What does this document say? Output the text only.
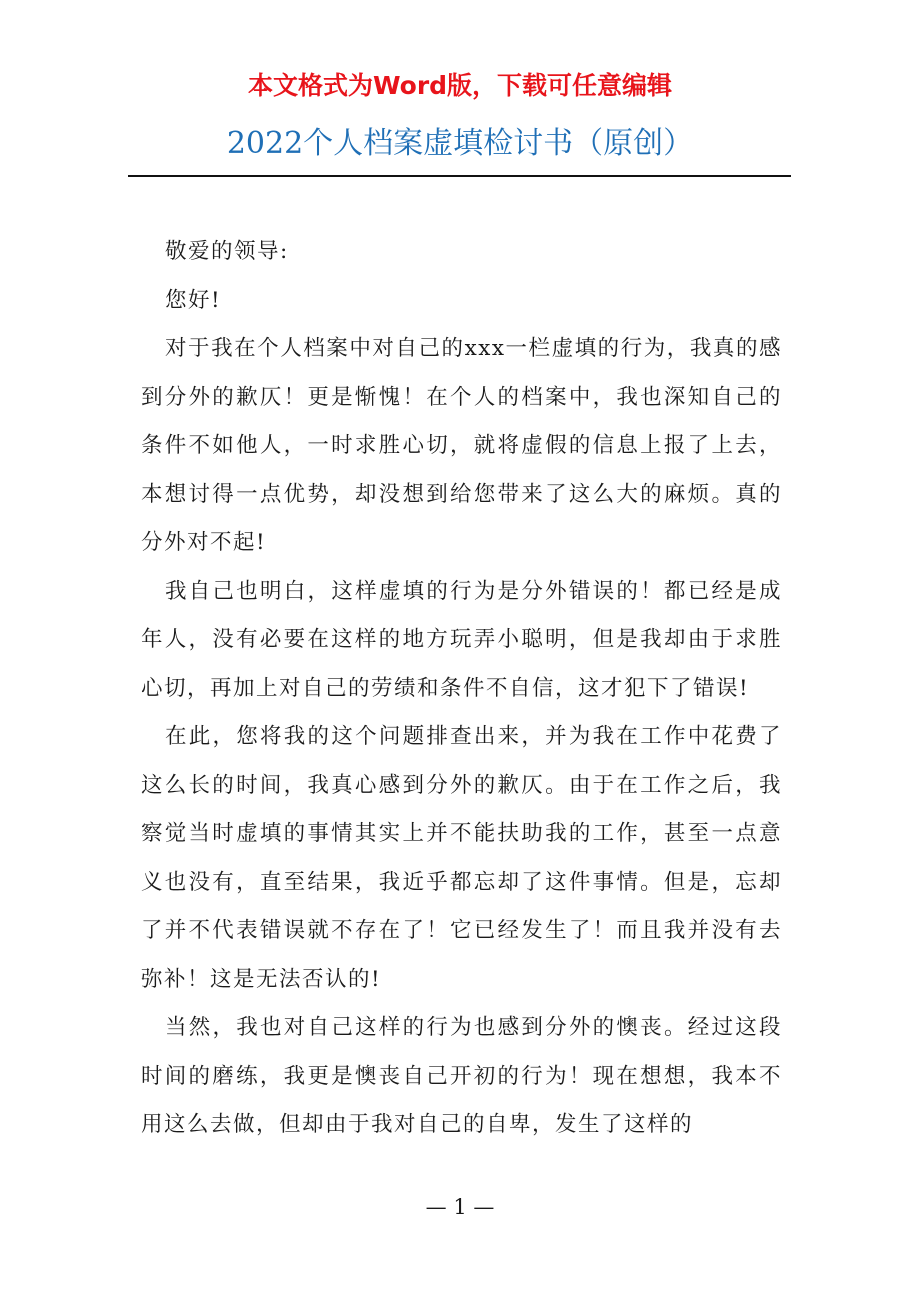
本文格式为Word版，下载可任意编辑
2022个人档案虚填检讨书（原创）

敬爱的领导:

您好!

对于我在个人档案中对自己的xxx一栏虚填的行为，我真的感到分外的歉仄！更是惭愧！在个人的档案中，我也深知自己的条件不如他人，一时求胜心切，就将虚假的信息上报了上去，本想讨得一点优势，却没想到给您带来了这么大的麻烦。真的分外对不起!

我自己也明白，这样虚填的行为是分外错误的！都已经是成年人，没有必要在这样的地方玩弄小聪明，但是我却由于求胜心切，再加上对自己的劳绩和条件不自信，这才犯下了错误!

在此，您将我的这个问题排查出来，并为我在工作中花费了这么长的时间，我真心感到分外的歉仄。由于在工作之后，我察觉当时虚填的事情其实上并不能扶助我的工作，甚至一点意义也没有，直至结果，我近乎都忘却了这件事情。但是，忘却了并不代表错误就不存在了！它已经发生了！而且我并没有去弥补！这是无法否认的!

当然，我也对自己这样的行为也感到分外的懊丧。经过这段时间的磨练，我更是懊丧自己开初的行为！现在想想，我本不用这么去做，但却由于我对自己的自卑，发生了这样的

— 1 —
